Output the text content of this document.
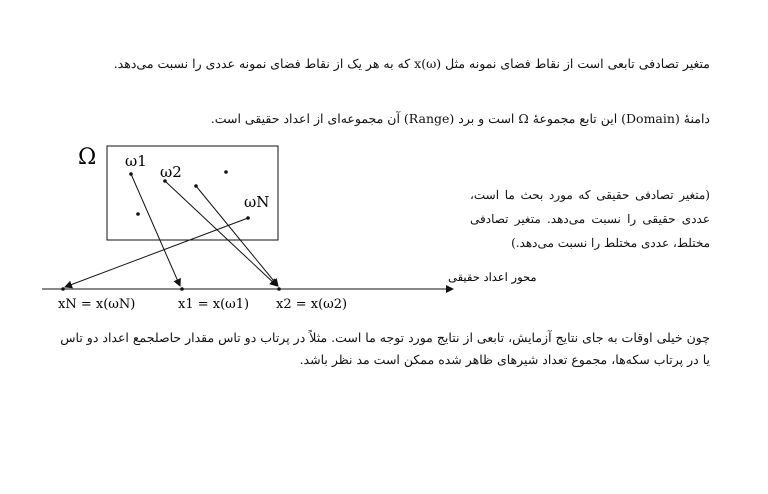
متغیر تصادفی تابعی است از نقاط فضای نمونه مثل x(ω) که به هر یک از نقاط فضای نمونه عددی را نسبت می‌دهد.
دامنهٔ (Domain) این تابع مجموعهٔ Ω است و برد (Range) آن مجموعه‌ای از اعداد حقیقی است.
Ω ω1
ω2
ωN
محور اعداد حقیقی
xN = x(ωN)	x1 = x(ω1) x2 = x(ω2)
(متغیر تصادفی حقیقی که مورد بحث ما است، عددی حقیقی را نسبت می‌دهد. متغیر تصادفی مختلط، عددی مختلط را نسبت می‌دهد.)
چون خیلی اوقات به جای نتایج آزمایش، تابعی از نتایج مورد توجه ما است. مثلاً در پرتاب دو تاس مقدار حاصلجمع اعداد دو تاس یا در پرتاب سکه‌ها، مجموع تعداد شیرهای ظاهر شده ممکن است مد نظر باشد.
